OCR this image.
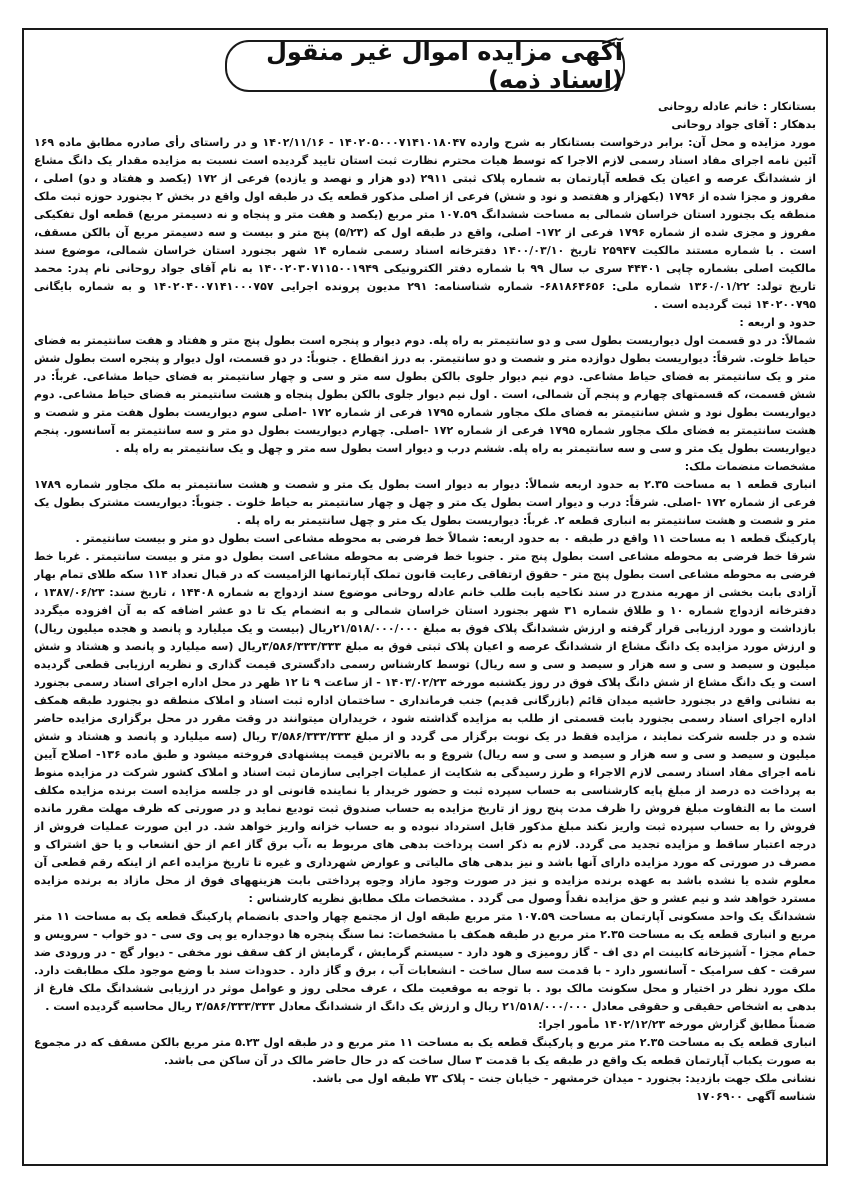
آگهی مزایده اموال غیر منقول (اسناد ذمه)

بستانکار : خانم عادله روحانی

بدهکار : آقای جواد روحانی

مورد مزایده و محل آن: برابر درخواست بستانکار به شرح وارده ۱۴۰۲۰۵۰۰۰۷۱۴۱۰۱۸۰۴۷ - ۱۴۰۲/۱۱/۱۶ و در راستای رأی صادره مطابق ماده ۱۶۹ آئین نامه اجرای مفاد اسناد رسمی لازم الاجرا که توسط هیات محترم نظارت ثبت استان تایید گردیده است نسبت به مزایده مقدار یک دانگ مشاع از ششدانگ عرصه و اعیان یک قطعه آپارتمان به شماره پلاک ثبتی ۲۹۱۱ (دو هزار و نهصد و یازده) فرعی از ۱۷۲ (یکصد و هفتاد و دو) اصلی ، مفروز و مجزا شده از ۱۷۹۶ (یکهزار و هفتصد و نود و شش) فرعی از اصلی مذکور قطعه یک در طبقه اول واقع در بخش ۲ بجنورد حوزه ثبت ملک منطقه یک بجنورد استان خراسان شمالی به مساحت ششدانگ ۱۰۷.۵۹ متر مربع (یکصد و هفت متر و پنجاه و نه دسیمتر مربع) قطعه اول تفکیکی مفروز و مجزی شده از شماره ۱۷۹۶ فرعی از ۱۷۲- اصلی، واقع در طبقه اول که (۵/۲۳) پنج متر و بیست و سه دسیمتر مربع آن بالکن مسقف، است . با شماره مستند مالکیت ۲۵۹۴۷ تاریخ ۱۴۰۰/۰۳/۱۰ دفترخانه اسناد رسمی شماره ۱۴ شهر بجنورد استان خراسان شمالی، موضوع سند مالکیت اصلی بشماره چاپی ۴۴۴۰۱ سری ب سال ۹۹ با شماره دفتر الکترونیکی ۱۴۰۰۲۰۳۰۷۱۱۵۰۰۱۹۴۹ به نام آقای جواد روحانی نام پدر: محمد تاریخ تولد: ۱۳۶۰/۰۱/۲۲ شماره ملی: ۶۸۱۸۶۴۶۵۶- شماره شناسنامه: ۲۹۱ مدیون پرونده اجرایی ۱۴۰۲۰۴۰۰۷۱۴۱۰۰۰۷۵۷ و به شماره بایگانی ۱۴۰۲۰۰۷۹۵ ثبت گردیده است .

حدود و اربعه :

شمالاً: در دو قسمت اول دیواریست بطول سی و دو سانتیمتر به راه پله. دوم دیوار و پنجره است بطول پنج متر و هفتاد و هفت سانتیمتر به فضای حیاط خلوت. شرقاً: دیواریست بطول دوازده متر و شصت و دو سانتیمتر. به درز انقطاع . جنوباً: در دو قسمت، اول دیوار و پنجره است بطول شش متر و یک سانتیمتر به فضای حیاط مشاعی. دوم نیم دیوار جلوی بالکن بطول سه متر و سی و چهار سانتیمتر به فضای حیاط مشاعی. غرباً: در شش قسمت، که قسمتهای چهارم و پنجم آن شمالی، است . اول نیم دیوار جلوی بالکن بطول پنجاه و هشت سانتیمتر به فضای حیاط مشاعی. دوم دیواریست بطول نود و شش سانتیمتر به فضای ملک مجاور شماره ۱۷۹۵ فرعی از شماره ۱۷۲ -اصلی سوم دیواریست بطول هفت متر و شصت و هشت سانتیمتر به فضای ملک مجاور شماره ۱۷۹۵ فرعی از شماره ۱۷۲ -اصلی. چهارم دیواریست بطول دو متر و سه سانتیمتر به آسانسور. پنجم دیواریست بطول یک متر و سی و سه سانتیمتر به راه پله. ششم درب و دیوار است بطول سه متر و چهل و یک سانتیمتر به راه پله .

مشخصات منضمات ملک:

انباری قطعه ۱ به مساحت ۲.۳۵ به حدود اربعه شمالاً: دیوار به دیوار است بطول یک متر و شصت و هشت سانتیمتر به ملک مجاور شماره ۱۷۸۹ فرعی از شماره ۱۷۲ -اصلی. شرقاً: درب و دیوار است بطول یک متر و چهل و چهار سانتیمتر به حیاط خلوت . جنوباً: دیواریست مشترک بطول یک متر و شصت و هشت سانتیمتر به انباری قطعه ۲. غرباً: دیواریست بطول یک متر و چهل سانتیمتر به راه پله .

پارکینگ قطعه ۱ به مساحت ۱۱ واقع در طبقه ۰ به حدود اربعه: شمالاً خط فرضی به محوطه مشاعی است بطول دو متر و بیست سانتیمتر .

شرقا خط فرضی به محوطه مشاعی است بطول پنج متر . جنوبا خط فرضی به محوطه مشاعی است بطول دو متر و بیست سانتیمتر . غربا خط فرضی به محوطه مشاعی است بطول پنج متر - حقوق ارتفاقی رعایت قانون تملک آپارتمانها الزامیست که در قبال تعداد ۱۱۴ سکه طلای تمام بهار آزادی بابت بخشی از مهریه مندرج در سند نکاحیه بابت طلب خانم عادله روحانی موضوع سند ازدواج به شماره ۱۴۴۰۸ ، تاریخ سند: ۱۳۸۷/۰۶/۲۳ ، دفترخانه ازدواج شماره ۱۰ و طلاق شماره ۳۱ شهر بجنورد استان خراسان شمالی و به انضمام یک تا دو عشر اضافه که به آن افزوده میگردد بازداشت و مورد ارزیابی قرار گرفته و ارزش ششدانگ پلاک فوق به مبلغ ۲۱/۵۱۸/۰۰۰/۰۰۰ریال (بیست و یک میلیارد و پانصد و هجده میلیون ریال) و ارزش مورد مزایده یک دانگ مشاع از ششدانگ عرصه و اعیان پلاک ثبتی فوق به مبلغ ۳/۵۸۶/۳۳۳/۳۳۳ریال (سه میلیارد و پانصد و هشتاد و شش میلیون و سیصد و سی و سه هزار و سیصد و سی و سه ریال) توسط کارشناس رسمی دادگستری قیمت گذاری و نظریه ارزیابی قطعی گردیده است و یک دانگ مشاع از شش دانگ پلاک فوق در روز یکشنبه مورخه ۱۴۰۳/۰۲/۲۳ - از ساعت ۹ تا ۱۲ ظهر در محل اداره اجرای اسناد رسمی بجنورد به نشانی واقع در بجنورد حاشیه میدان قائم (بازرگانی قدیم) جنب فرمانداری - ساختمان اداره ثبت اسناد و املاک منطقه دو بجنورد طبقه همکف اداره اجرای اسناد رسمی بجنورد بابت قسمتی از طلب به مزایده گذاشته شود ، خریداران میتوانند در وقت مقرر در محل برگزاری مزایده حاضر شده و در جلسه شرکت نمایند ، مزایده فقط در یک نوبت برگزار می گردد و از مبلغ ۳/۵۸۶/۳۳۳/۳۳۳ ریال (سه میلیارد و پانصد و هشتاد و شش میلیون و سیصد و سی و سه هزار و سیصد و سی و سه ریال) شروع و به بالاترین قیمت پیشنهادی فروخته میشود و طبق ماده ۱۳۶- اصلاح آیین نامه اجرای مفاد اسناد رسمی لازم الاجراء و طرز رسیدگی به شکایت از عملیات اجرایی سازمان ثبت اسناد و املاک کشور شرکت در مزایده منوط به پرداخت ده درصد از مبلغ پایه کارشناسی به حساب سپرده ثبت و حضور خریدار یا نماینده قانونی او در جلسه مزایده است برنده مزایده مکلف است ما به التفاوت مبلغ فروش را ظرف مدت پنج روز از تاریخ مزایده به حساب صندوق ثبت تودیع نماید و در صورتی که ظرف مهلت مقرر مانده فروش را به حساب سپرده ثبت واریز نکند مبلغ مذکور قابل استرداد نبوده و به حساب خزانه واریز خواهد شد. در این صورت عملیات فروش از درجه اعتبار ساقط و مزایده تجدید می گردد. لازم به ذکر است پرداخت بدهی های مربوط به ،آب برق گاز اعم از حق انشعاب و یا حق اشتراک و مصرف در صورتی که مورد مزایده دارای آنها باشد و نیز بدهی های مالیاتی و عوارض شهرداری و غیره تا تاریخ مزایده اعم از اینکه رقم قطعی آن معلوم شده یا نشده باشد به عهده برنده مزایده و نیز در صورت وجود مازاد وجوه پرداختی بابت هزینههای فوق از محل مازاد به برنده مزایده مسترد خواهد شد و نیم عشر و حق مزایده نقداً وصول می گردد . مشخصات ملک مطابق نظریه کارشناس :

ششدانگ یک واحد مسکونی آپارتمان به مساحت ۱۰۷.۵۹ متر مربع طبقه اول از مجتمع چهار واحدی بانضمام پارکینگ قطعه یک به مساحت ۱۱ متر مربع و انباری قطعه یک به مساحت ۲.۳۵ متر مربع در طبقه همکف با مشخصات: نما سنگ پنجره ها دوجداره یو پی وی سی - دو خواب - سرویس و حمام مجزا - آشپزخانه کابینت ام دی اف - گاز رومیزی و هود دارد - سیستم گرمایش ، گرمایش از کف سقف نور مخفی - دیوار گچ - در ورودی ضد سرقت - کف سرامیک - آسانسور دارد - با قدمت سه سال ساخت - انشعابات آب ، برق و گاز دارد . حدودات سند با وضع موجود ملک مطابقت دارد. ملک مورد نظر در اختیار و محل سکونت مالک بود . با توجه به موقعیت ملک ، عرف محلی روز و عوامل موثر در ارزیابی ششدانگ ملک فارغ از بدهی به اشخاص حقیقی و حقوقی معادل ۲۱/۵۱۸/۰۰۰/۰۰۰ ریال و ارزش یک دانگ از ششدانگ معادل ۳/۵۸۶/۳۳۳/۳۳۳ ریال محاسبه گردیده است .

ضمناً مطابق گزارش مورخه ۱۴۰۲/۱۲/۲۳ مأمور اجرا:

انباری قطعه یک به مساحت ۲.۳۵ متر مربع و پارکینگ قطعه یک به مساحت ۱۱ متر مربع و در طبقه اول ۵.۲۳ متر مربع بالکن مسقف که در مجموع به صورت یکباب آپارتمان قطعه یک واقع در طبقه یک با قدمت ۳ سال ساخت که در حال حاضر مالک در آن ساکن می باشد.

نشانی ملک جهت بازدید: بجنورد - میدان خرمشهر - خیابان جنت - پلاک ۷۳ طبقه اول می باشد.

شناسه آگهی ۱۷۰۶۹۰۰
